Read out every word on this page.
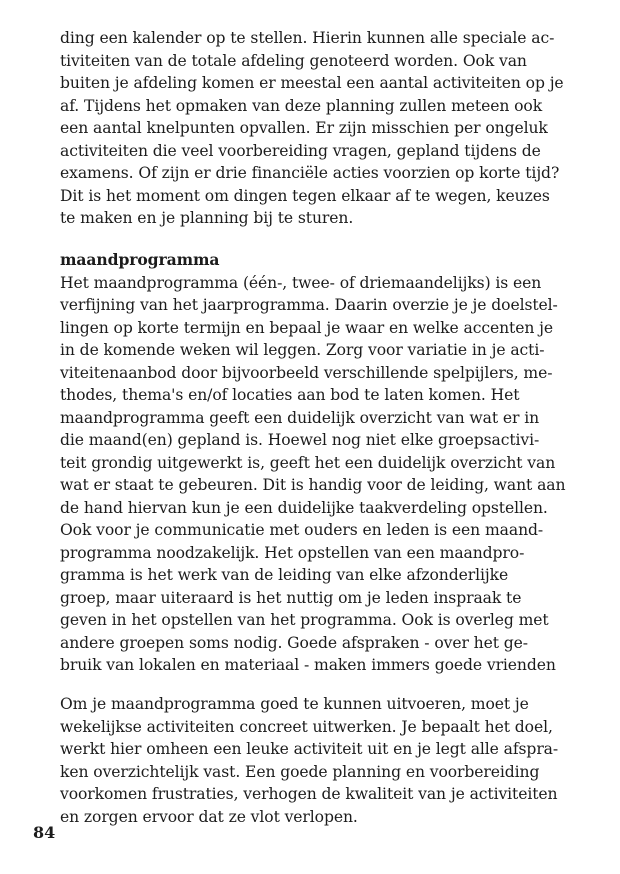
ding een kalender op te stellen. Hierin kunnen alle speciale ac-
tiviteiten van de totale afdeling genoteerd worden. Ook van
buiten je afdeling komen er meestal een aantal activiteiten op je
af. Tijdens het opmaken van deze planning zullen meteen ook
een aantal knelpunten opvallen. Er zijn misschien per ongeluk
activiteiten die veel voorbereiding vragen, gepland tijdens de
examens. Of zijn er drie financiële acties voorzien op korte tijd?
Dit is het moment om dingen tegen elkaar af te wegen, keuzes
te maken en je planning bij te sturen.
maandprogramma
Het maandprogramma (één-, twee- of driemaandelijks) is een
verfijning van het jaarprogramma. Daarin overzie je je doelstel-
lingen op korte termijn en bepaal je waar en welke accenten je
in de komende weken wil leggen. Zorg voor variatie in je acti-
viteitenaanbod door bijvoorbeeld verschillende spelpijlers, me-
thodes, thema's en/of locaties aan bod te laten komen. Het
maandprogramma geeft een duidelijk overzicht van wat er in
die maand(en) gepland is. Hoewel nog niet elke groepsactivi-
teit grondig uitgewerkt is, geeft het een duidelijk overzicht van
wat er staat te gebeuren. Dit is handig voor de leiding, want aan
de hand hiervan kun je een duidelijke taakverdeling opstellen.
Ook voor je communicatie met ouders en leden is een maand-
programma noodzakelijk. Het opstellen van een maandpro-
gramma is het werk van de leiding van elke afzonderlijke
groep, maar uiteraard is het nuttig om je leden inspraak te
geven in het opstellen van het programma. Ook is overleg met
andere groepen soms nodig. Goede afspraken - over het ge-
bruik van lokalen en materiaal - maken immers goede vrienden
Om je maandprogramma goed te kunnen uitvoeren, moet je
wekelijkse activiteiten concreet uitwerken. Je bepaalt het doel,
werkt hier omheen een leuke activiteit uit en je legt alle afspra-
ken overzichtelijk vast. Een goede planning en voorbereiding
voorkomen frustraties, verhogen de kwaliteit van je activiteiten
en zorgen ervoor dat ze vlot verlopen.
84
